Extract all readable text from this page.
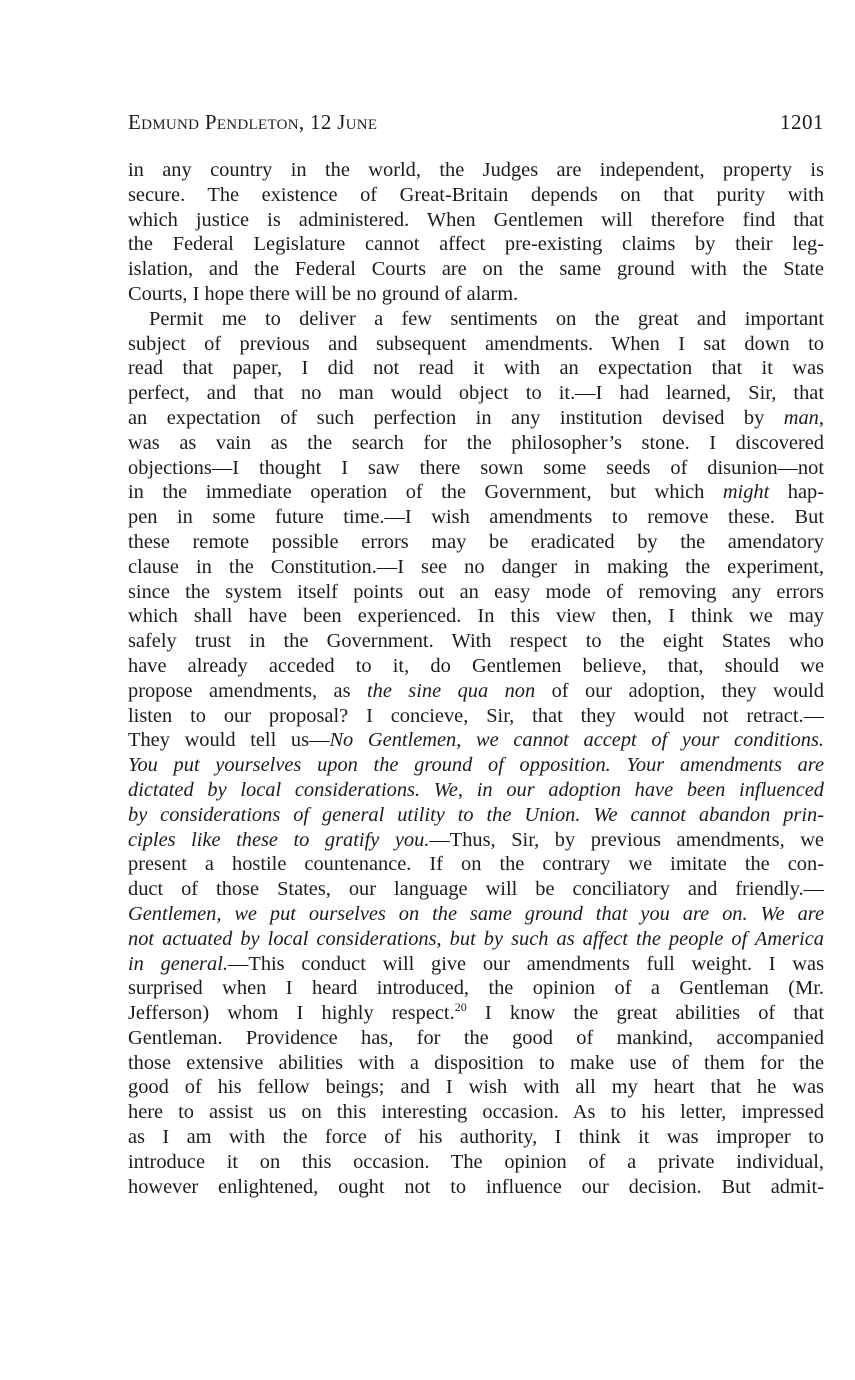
Edmund Pendleton, 12 June	1201
in any country in the world, the Judges are independent, property is
secure. The existence of Great-Britain depends on that purity with
which justice is administered. When Gentlemen will therefore find that
the Federal Legislature cannot affect pre-existing claims by their leg-
islation, and the Federal Courts are on the same ground with the State
Courts, I hope there will be no ground of alarm.
Permit me to deliver a few sentiments on the great and important
subject of previous and subsequent amendments. When I sat down to
read that paper, I did not read it with an expectation that it was
perfect, and that no man would object to it.—I had learned, Sir, that
an expectation of such perfection in any institution devised by man,
was as vain as the search for the philosopher’s stone. I discovered
objections—I thought I saw there sown some seeds of disunion—not
in the immediate operation of the Government, but which might hap-
pen in some future time.—I wish amendments to remove these. But
these remote possible errors may be eradicated by the amendatory
clause in the Constitution.—I see no danger in making the experiment,
since the system itself points out an easy mode of removing any errors
which shall have been experienced. In this view then, I think we may
safely trust in the Government. With respect to the eight States who
have already acceded to it, do Gentlemen believe, that, should we
propose amendments, as the sine qua non of our adoption, they would
listen to our proposal? I concieve, Sir, that they would not retract.—
They would tell us—No Gentlemen, we cannot accept of your conditions.
You put yourselves upon the ground of opposition. Your amendments are
dictated by local considerations. We, in our adoption have been influenced
by considerations of general utility to the Union. We cannot abandon prin-
ciples like these to gratify you.—Thus, Sir, by previous amendments, we
present a hostile countenance. If on the contrary we imitate the con-
duct of those States, our language will be conciliatory and friendly.—
Gentlemen, we put ourselves on the same ground that you are on. We are
not actuated by local considerations, but by such as affect the people of America
in general.—This conduct will give our amendments full weight. I was
surprised when I heard introduced, the opinion of a Gentleman (Mr.
Jefferson) whom I highly respect.$^{20}$ I know the great abilities of that
Gentleman. Providence has, for the good of mankind, accompanied
those extensive abilities with a disposition to make use of them for the
good of his fellow beings; and I wish with all my heart that he was
here to assist us on this interesting occasion. As to his letter, impressed
as I am with the force of his authority, I think it was improper to
introduce it on this occasion. The opinion of a private individual,
however enlightened, ought not to influence our decision. But admit-
